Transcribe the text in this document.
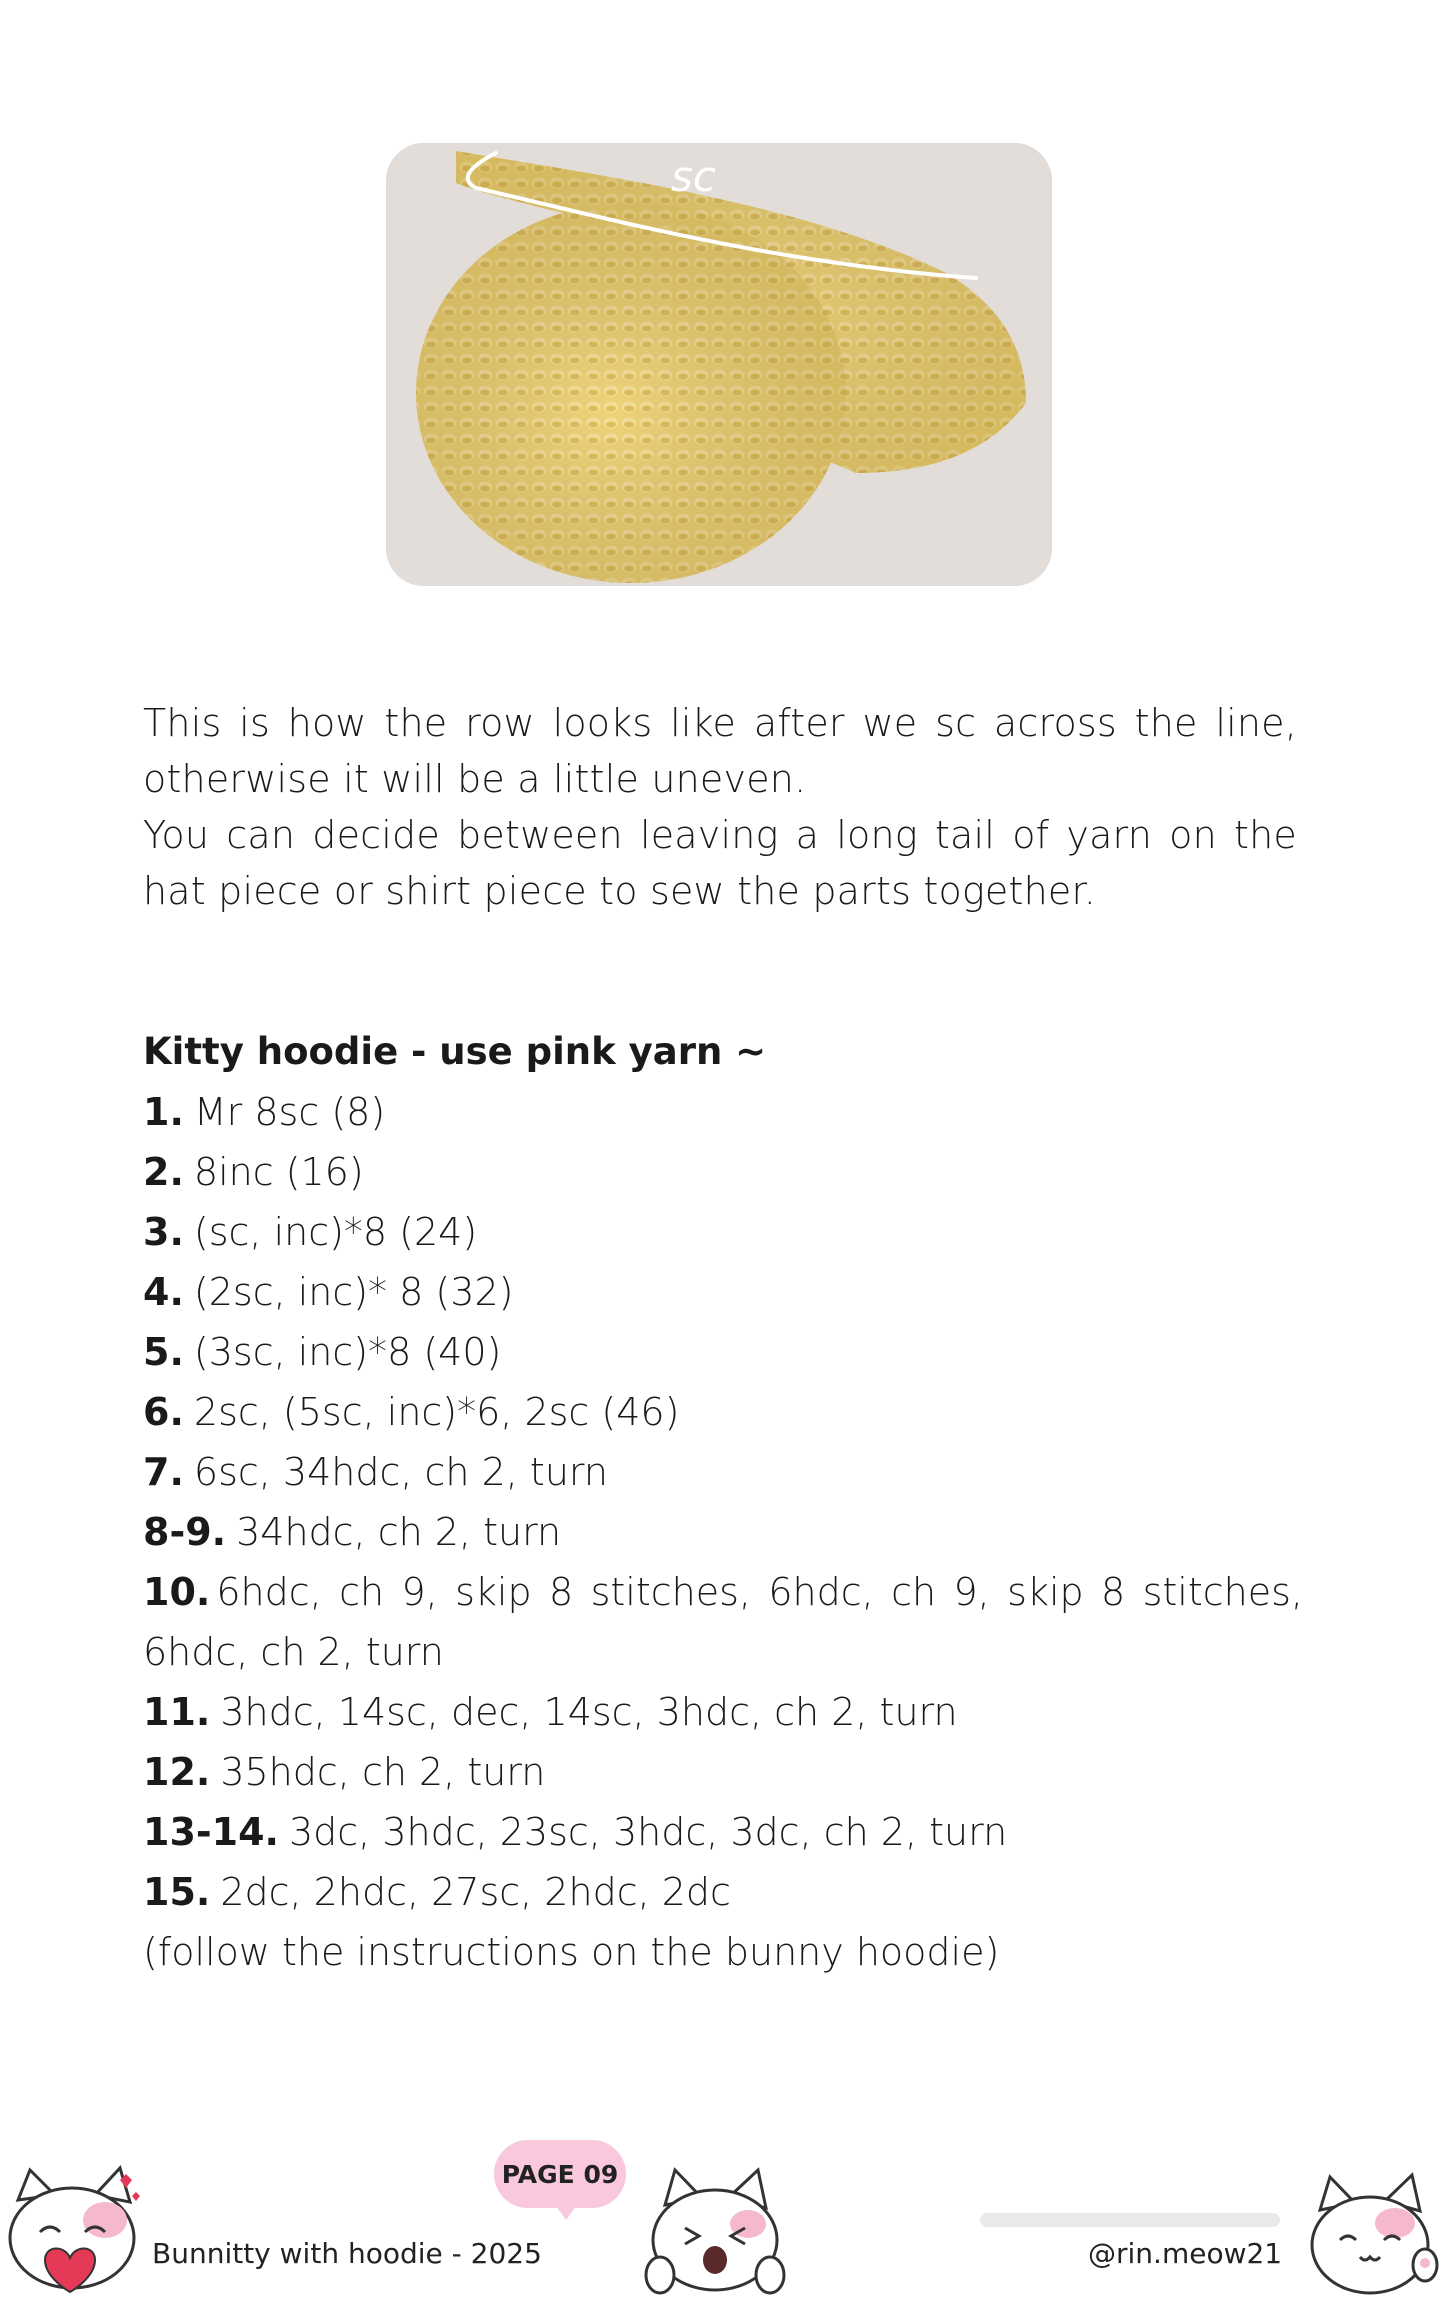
sc

This is how the row looks like after we sc across the line, otherwise it will be a little uneven.

You can decide between leaving a long tail of yarn on the hat piece or shirt piece to sew the parts together.

Kitty hoodie - use pink yarn ~
1. Mr 8sc (8)
2. 8inc (16)
3. (sc, inc)*8 (24)
4. (2sc, inc)* 8 (32)
5. (3sc, inc)*8 (40)
6. 2sc, (5sc, inc)*6, 2sc (46)
7. 6sc, 34hdc, ch 2, turn
8-9. 34hdc, ch 2, turn
10. 6hdc, ch 9, skip 8 stitches, 6hdc, ch 9, skip 8 stitches, 6hdc, ch 2, turn
11. 3hdc, 14sc, dec, 14sc, 3hdc, ch 2, turn
12. 35hdc, ch 2, turn
13-14. 3dc, 3hdc, 23sc, 3hdc, 3dc, ch 2, turn
15. 2dc, 2hdc, 27sc, 2hdc, 2dc
(follow the instructions on the bunny hoodie)
Bunnitty with hoodie - 2025
PAGE 09
@rin.meow21
